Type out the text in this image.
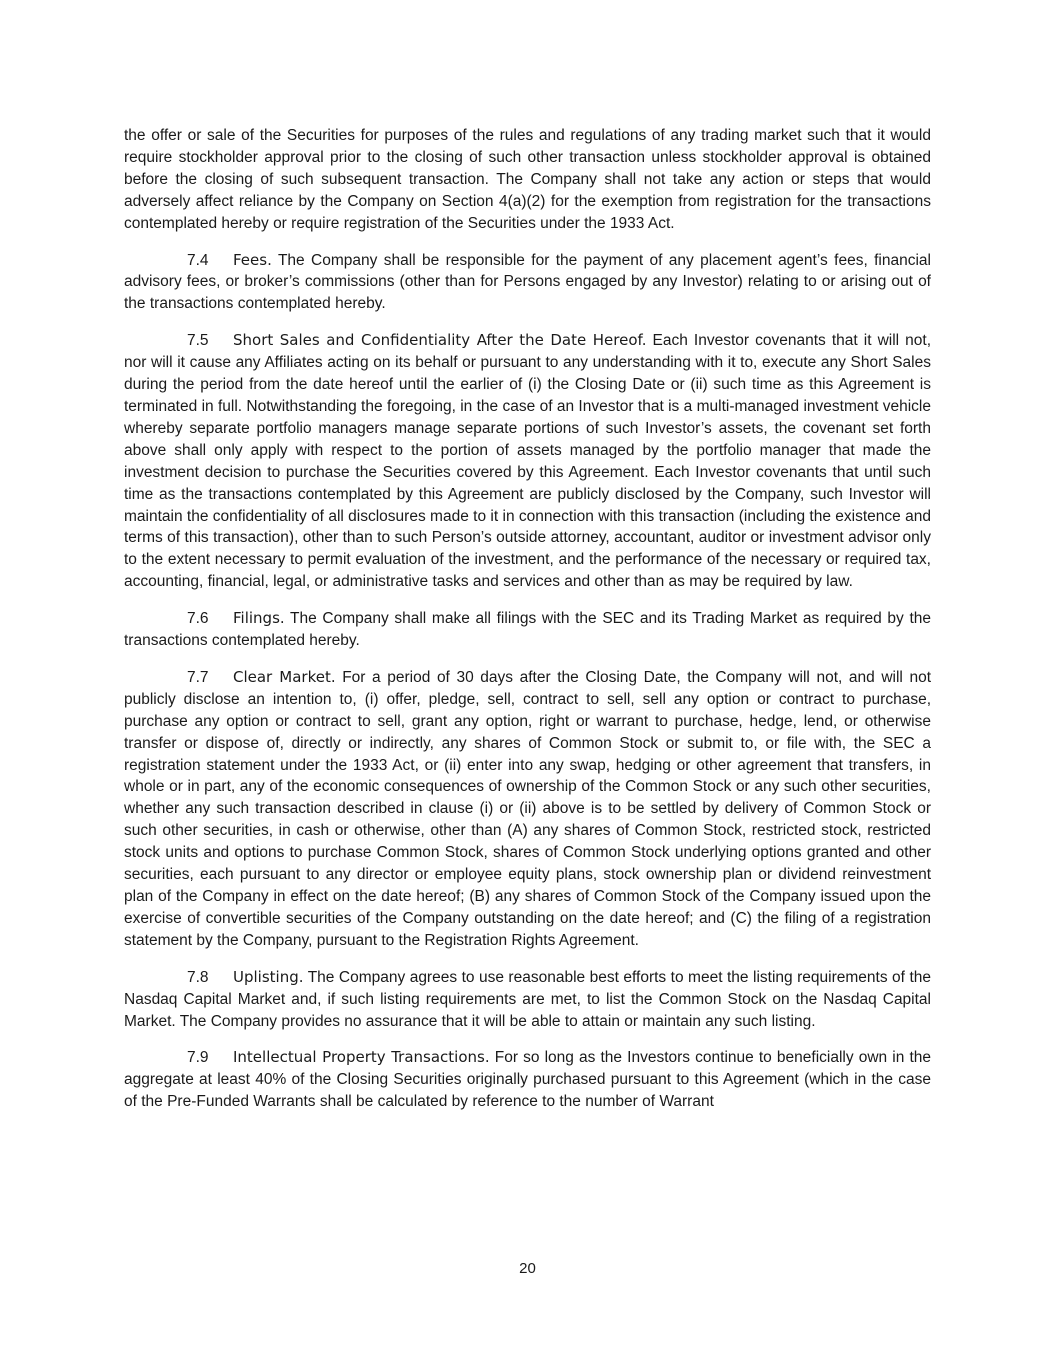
the offer or sale of the Securities for purposes of the rules and regulations of any trading market such that it would require stockholder approval prior to the closing of such other transaction unless stockholder approval is obtained before the closing of such subsequent transaction. The Company shall not take any action or steps that would adversely affect reliance by the Company on Section 4(a)(2) for the exemption from registration for the transactions contemplated hereby or require registration of the Securities under the 1933 Act.

7.4 Fees. The Company shall be responsible for the payment of any placement agent’s fees, financial advisory fees, or broker’s commissions (other than for Persons engaged by any Investor) relating to or arising out of the transactions contemplated hereby.

7.5 Short Sales and Confidentiality After the Date Hereof. Each Investor covenants that it will not, nor will it cause any Affiliates acting on its behalf or pursuant to any understanding with it to, execute any Short Sales during the period from the date hereof until the earlier of (i) the Closing Date or (ii) such time as this Agreement is terminated in full. Notwithstanding the foregoing, in the case of an Investor that is a multi-managed investment vehicle whereby separate portfolio managers manage separate portions of such Investor’s assets, the covenant set forth above shall only apply with respect to the portion of assets managed by the portfolio manager that made the investment decision to purchase the Securities covered by this Agreement. Each Investor covenants that until such time as the transactions contemplated by this Agreement are publicly disclosed by the Company, such Investor will maintain the confidentiality of all disclosures made to it in connection with this transaction (including the existence and terms of this transaction), other than to such Person’s outside attorney, accountant, auditor or investment advisor only to the extent necessary to permit evaluation of the investment, and the performance of the necessary or required tax, accounting, financial, legal, or administrative tasks and services and other than as may be required by law.

7.6 Filings. The Company shall make all filings with the SEC and its Trading Market as required by the transactions contemplated hereby.

7.7 Clear Market. For a period of 30 days after the Closing Date, the Company will not, and will not publicly disclose an intention to, (i) offer, pledge, sell, contract to sell, sell any option or contract to purchase, purchase any option or contract to sell, grant any option, right or warrant to purchase, hedge, lend, or otherwise transfer or dispose of, directly or indirectly, any shares of Common Stock or submit to, or file with, the SEC a registration statement under the 1933 Act, or (ii) enter into any swap, hedging or other agreement that transfers, in whole or in part, any of the economic consequences of ownership of the Common Stock or any such other securities, whether any such transaction described in clause (i) or (ii) above is to be settled by delivery of Common Stock or such other securities, in cash or otherwise, other than (A) any shares of Common Stock, restricted stock, restricted stock units and options to purchase Common Stock, shares of Common Stock underlying options granted and other securities, each pursuant to any director or employee equity plans, stock ownership plan or dividend reinvestment plan of the Company in effect on the date hereof; (B) any shares of Common Stock of the Company issued upon the exercise of convertible securities of the Company outstanding on the date hereof; and (C) the filing of a registration statement by the Company, pursuant to the Registration Rights Agreement.

7.8 Uplisting. The Company agrees to use reasonable best efforts to meet the listing requirements of the Nasdaq Capital Market and, if such listing requirements are met, to list the Common Stock on the Nasdaq Capital Market. The Company provides no assurance that it will be able to attain or maintain any such listing.

7.9 Intellectual Property Transactions. For so long as the Investors continue to beneficially own in the aggregate at least 40% of the Closing Securities originally purchased pursuant to this Agreement (which in the case of the Pre-Funded Warrants shall be calculated by reference to the number of Warrant

20
